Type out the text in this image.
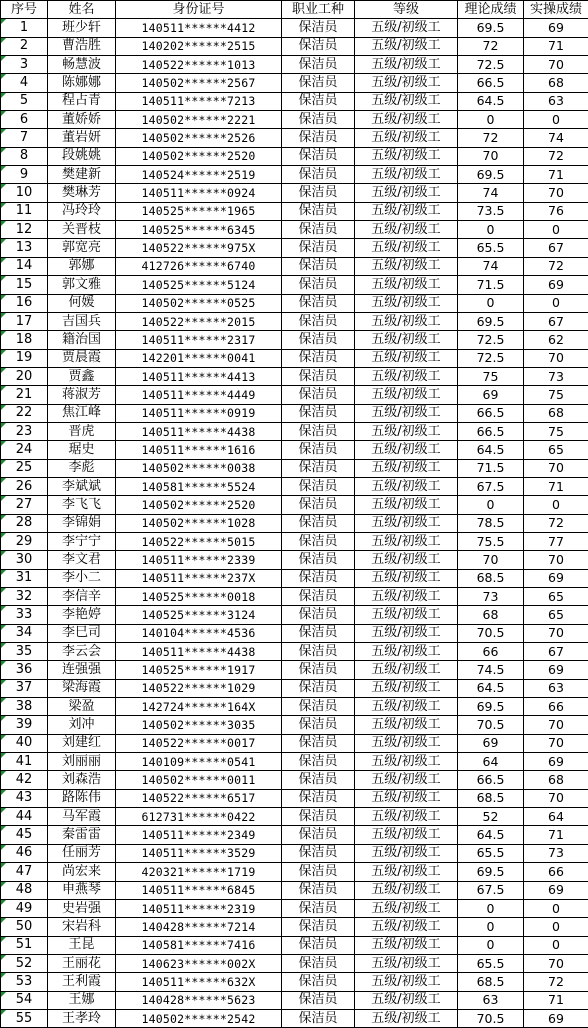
序号	姓名	身份证号	职业工种	等级	理论成绩	实操成绩

1	班少轩	140511******4412	保洁员	五级/初级工	69.5	69

2	曹浩胜	140202******2515	保洁员	五级/初级工	72	71

3	畅慧波	140522******1013	保洁员	五级/初级工	72.5	70

4	陈娜娜	140502******2567	保洁员	五级/初级工	66.5	68

5	程占青	140511******7213	保洁员	五级/初级工	64.5	63

6	董娇娇	140502******2221	保洁员	五级/初级工	0	0

7	董岩妍	140502******2526	保洁员	五级/初级工	72	74

8	段姚姚	140502******2520	保洁员	五级/初级工	70	72

9	樊建新	140524******2519	保洁员	五级/初级工	69.5	71

10	樊琳芳	140511******0924	保洁员	五级/初级工	74	70

11	冯玲玲	140525******1965	保洁员	五级/初级工	73.5	76

12	关晋枝	140525******6345	保洁员	五级/初级工	0	0

13	郭宽亮	140522******975X	保洁员	五级/初级工	65.5	67

14	郭娜	412726******6740	保洁员	五级/初级工	74	72

15	郭文雅	140525******5124	保洁员	五级/初级工	71.5	69

16	何媛	140502******0525	保洁员	五级/初级工	0	0

17	吉国兵	140522******2015	保洁员	五级/初级工	69.5	67

18	籍治国	140511******2317	保洁员	五级/初级工	72.5	62

19	贾晨霞	142201******0041	保洁员	五级/初级工	72.5	70

20	贾鑫	140511******4413	保洁员	五级/初级工	75	73

21	蒋淑芳	140511******4449	保洁员	五级/初级工	69	75

22	焦江峰	140511******0919	保洁员	五级/初级工	66.5	68

23	晋虎	140511******4438	保洁员	五级/初级工	66.5	75

24	琚史	140511******1616	保洁员	五级/初级工	64.5	65

25	李彪	140502******0038	保洁员	五级/初级工	71.5	70

26	李斌斌	140581******5524	保洁员	五级/初级工	67.5	71

27	李飞飞	140502******2520	保洁员	五级/初级工	0	0

28	李锦娟	140502******1028	保洁员	五级/初级工	78.5	72

29	李宁宁	140522******5015	保洁员	五级/初级工	75.5	77

30	李文君	140511******2339	保洁员	五级/初级工	70	70

31	李小二	140511******237X	保洁员	五级/初级工	68.5	69

32	李信辛	140525******0018	保洁员	五级/初级工	73	65

33	李艳婷	140525******3124	保洁员	五级/初级工	68	65

34	李巳司	140104******4536	保洁员	五级/初级工	70.5	70

35	李云会	140511******4438	保洁员	五级/初级工	66	67

36	连强强	140525******1917	保洁员	五级/初级工	74.5	69

37	梁海霞	140522******1029	保洁员	五级/初级工	64.5	63

38	梁盈	142724******164X	保洁员	五级/初级工	69.5	66

39	刘冲	140502******3035	保洁员	五级/初级工	70.5	70

40	刘建红	140522******0017	保洁员	五级/初级工	69	70

41	刘丽丽	140109******0541	保洁员	五级/初级工	64	69

42	刘森浩	140502******0011	保洁员	五级/初级工	66.5	68

43	路陈伟	140522******6517	保洁员	五级/初级工	68.5	70

44	马军霞	612731******0422	保洁员	五级/初级工	52	64

45	秦雷雷	140511******2349	保洁员	五级/初级工	64.5	71

46	任丽芳	140511******3529	保洁员	五级/初级工	65.5	73

47	尚宏来	420321******1719	保洁员	五级/初级工	69.5	66

48	申燕琴	140511******6845	保洁员	五级/初级工	67.5	69

49	史岩强	140511******2319	保洁员	五级/初级工	0	0

50	宋岩科	140428******7214	保洁员	五级/初级工	0	0

51	王昆	140581******7416	保洁员	五级/初级工	0	0

52	王丽花	140623******002X	保洁员	五级/初级工	65.5	70

53	王利霞	140511******632X	保洁员	五级/初级工	68.5	72

54	王娜	140428******5623	保洁员	五级/初级工	63	71

55	王孝玲	140502******2542	保洁员	五级/初级工	70.5	69
